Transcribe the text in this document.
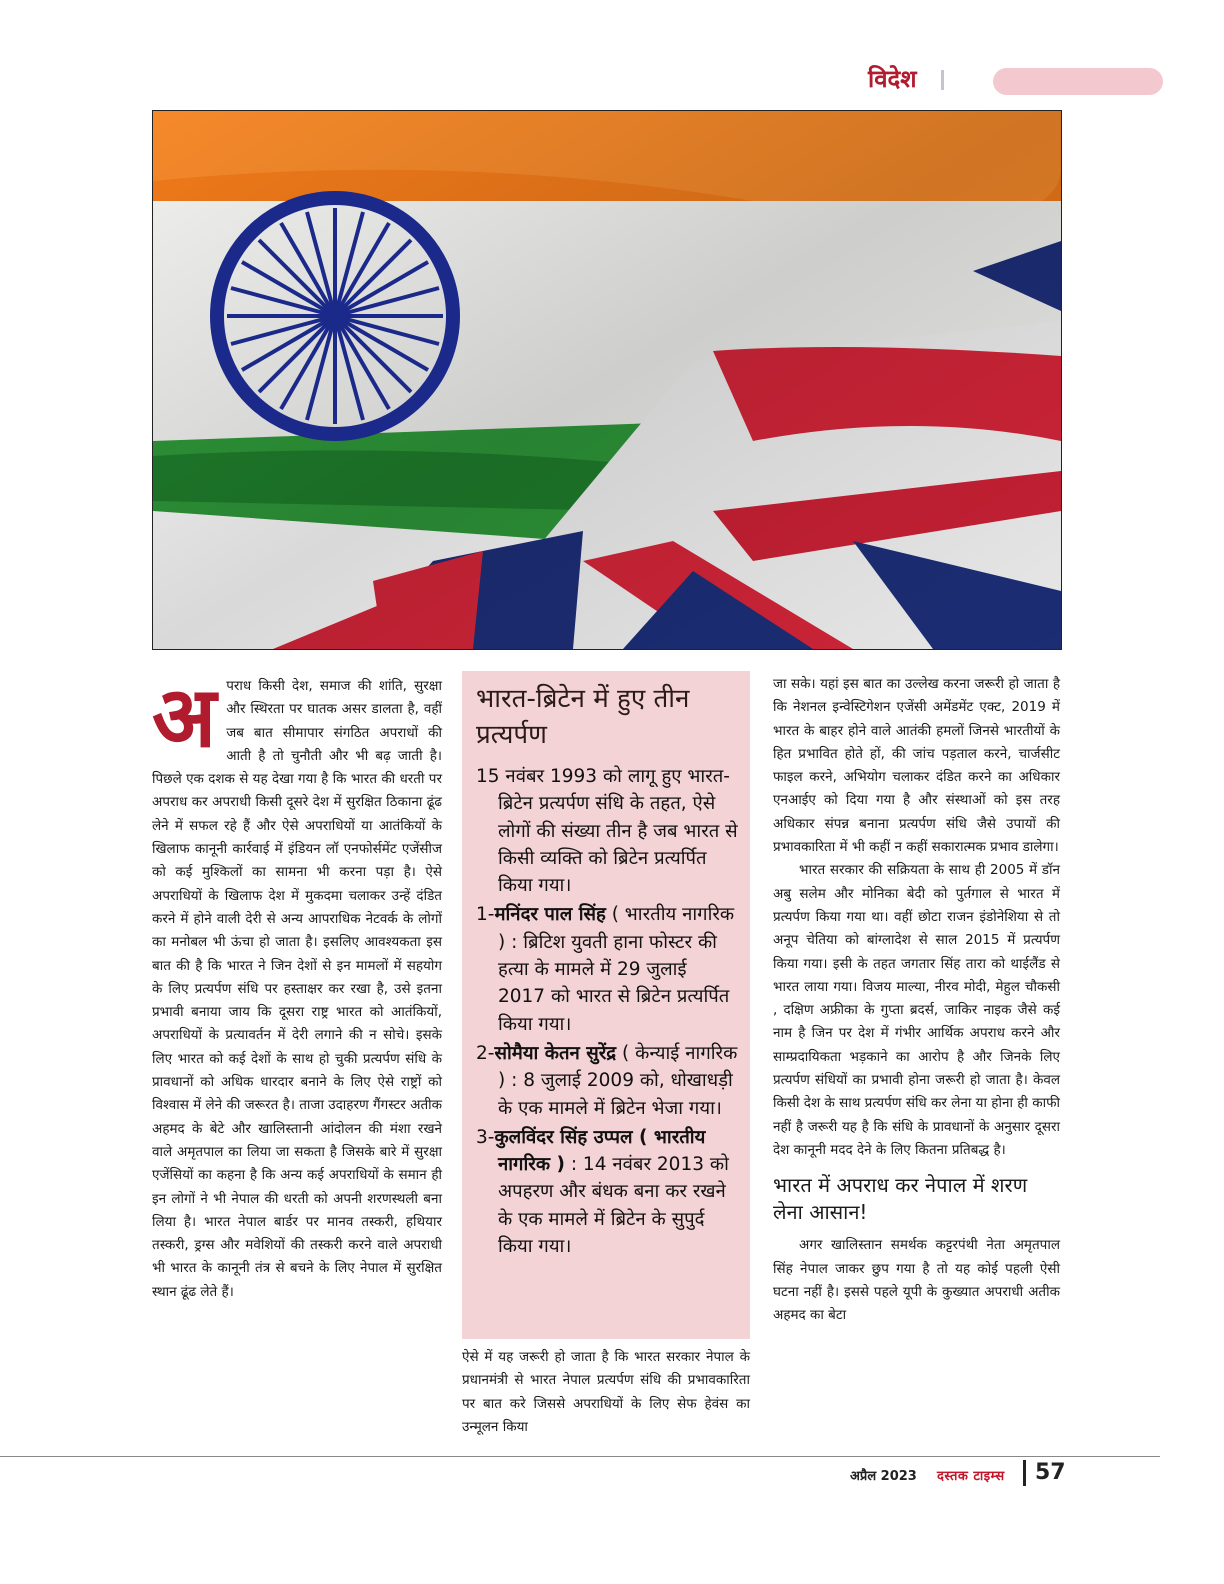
विदेश
अ पराध किसी देश, समाज की शांति, सुरक्षा और स्थिरता पर घातक असर डालता है, वहीं जब बात सीमापार संगठित अपराधों की आती है तो चुनौती और भी बढ़ जाती है। पिछले एक दशक से यह देखा गया है कि भारत की धरती पर अपराध कर अपराधी किसी दूसरे देश में सुरक्षित ठिकाना ढूंढ लेने में सफल रहे हैं और ऐसे अपराधियों या आतंकियों के खिलाफ कानूनी कार्रवाई में इंडियन लॉ एनफोर्समेंट एजेंसीज को कई मुश्किलों का सामना भी करना पड़ा है। ऐसे अपराधियों के खिलाफ देश में मुकदमा चलाकर उन्हें दंडित करने में होने वाली देरी से अन्य आपराधिक नेटवर्क के लोगों का मनोबल भी ऊंचा हो जाता है। इसलिए आवश्यकता इस बात की है कि भारत ने जिन देशों से इन मामलों में सहयोग के लिए प्रत्यर्पण संधि पर हस्ताक्षर कर रखा है, उसे इतना प्रभावी बनाया जाय कि दूसरा राष्ट्र भारत को आतंकियों, अपराधियों के प्रत्यावर्तन में देरी लगाने की न सोचे। इसके लिए भारत को कई देशों के साथ हो चुकी प्रत्यर्पण संधि के प्रावधानों को अधिक धारदार बनाने के लिए ऐसे राष्ट्रों को विश्वास में लेने की जरूरत है। ताजा उदाहरण गैंगस्टर अतीक अहमद के बेटे और खालिस्तानी आंदोलन की मंशा रखने वाले अमृतपाल का लिया जा सकता है जिसके बारे में सुरक्षा एजेंसियों का कहना है कि अन्य कई अपराधियों के समान ही इन लोगों ने भी नेपाल की धरती को अपनी शरणस्थली बना लिया है। भारत नेपाल बार्डर पर मानव तस्करी, हथियार तस्करी, ड्रग्स और मवेशियों की तस्करी करने वाले अपराधी भी भारत के कानूनी तंत्र से बचने के लिए नेपाल में सुरक्षित स्थान ढूंढ लेते हैं।

भारत-ब्रिटेन में हुए तीन प्रत्यर्पण

15 नवंबर 1993 को लागू हुए भारत-ब्रिटेन प्रत्यर्पण संधि के तहत, ऐसे लोगों की संख्या तीन है जब भारत से किसी व्यक्ति को ब्रिटेन प्रत्यर्पित किया गया।

1-मनिंदर पाल सिंह ( भारतीय नागरिक ) : ब्रिटिश युवती हाना फोस्टर की हत्या के मामले में 29 जुलाई 2017 को भारत से ब्रिटेन प्रत्यर्पित किया गया।

2-सोमैया केतन सुरेंद्र ( केन्याई नागरिक ) : 8 जुलाई 2009 को, धोखाधड़ी के एक मामले में ब्रिटेन भेजा गया।

3-कुलविंदर सिंह उप्पल ( भारतीय नागरिक ) : 14 नवंबर 2013 को अपहरण और बंधक बना कर रखने के एक मामले में ब्रिटेन के सुपुर्द किया गया।

ऐसे में यह जरूरी हो जाता है कि भारत सरकार नेपाल के प्रधानमंत्री से भारत नेपाल प्रत्यर्पण संधि की प्रभावकारिता पर बात करे जिससे अपराधियों के लिए सेफ हेवंस का उन्मूलन किया

जा सके। यहां इस बात का उल्लेख करना जरूरी हो जाता है कि नेशनल इन्वेस्टिगेशन एजेंसी अमेंडमेंट एक्ट, 2019 में भारत के बाहर होने वाले आतंकी हमलों जिनसे भारतीयों के हित प्रभावित होते हों, की जांच पड़ताल करने, चार्जसीट फाइल करने, अभियोग चलाकर दंडित करने का अधिकार एनआईए को दिया गया है और संस्थाओं को इस तरह अधिकार संपन्न बनाना प्रत्यर्पण संधि जैसे उपायों की प्रभावकारिता में भी कहीं न कहीं सकारात्मक प्रभाव डालेगा।

भारत सरकार की सक्रियता के साथ ही 2005 में डॉन अबु सलेम और मोनिका बेदी को पुर्तगाल से भारत में प्रत्यर्पण किया गया था। वहीं छोटा राजन इंडोनेशिया से तो अनूप चेतिया को बांग्लादेश से साल 2015 में प्रत्यर्पण किया गया। इसी के तहत जगतार सिंह तारा को थाईलैंड से भारत लाया गया। विजय माल्या, नीरव मोदी, मेहुल चौकसी , दक्षिण अफ्रीका के गुप्ता ब्रदर्स, जाकिर नाइक जैसे कई नाम है जिन पर देश में गंभीर आर्थिक अपराध करने और साम्प्रदायिकता भड़काने का आरोप है और जिनके लिए प्रत्यर्पण संधियों का प्रभावी होना जरूरी हो जाता है। केवल किसी देश के साथ प्रत्यर्पण संधि कर लेना या होना ही काफी नहीं है जरूरी यह है कि संधि के प्रावधानों के अनुसार दूसरा देश कानूनी मदद देने के लिए कितना प्रतिबद्ध है।

भारत में अपराध कर नेपाल में शरण लेना आसान!

अगर खालिस्तान समर्थक कट्टरपंथी नेता अमृतपाल सिंह नेपाल जाकर छुप गया है तो यह कोई पहली ऐसी घटना नहीं है। इससे पहले यूपी के कुख्यात अपराधी अतीक अहमद का बेटा

अप्रैल 2023 दस्तक टाइम्स 57
